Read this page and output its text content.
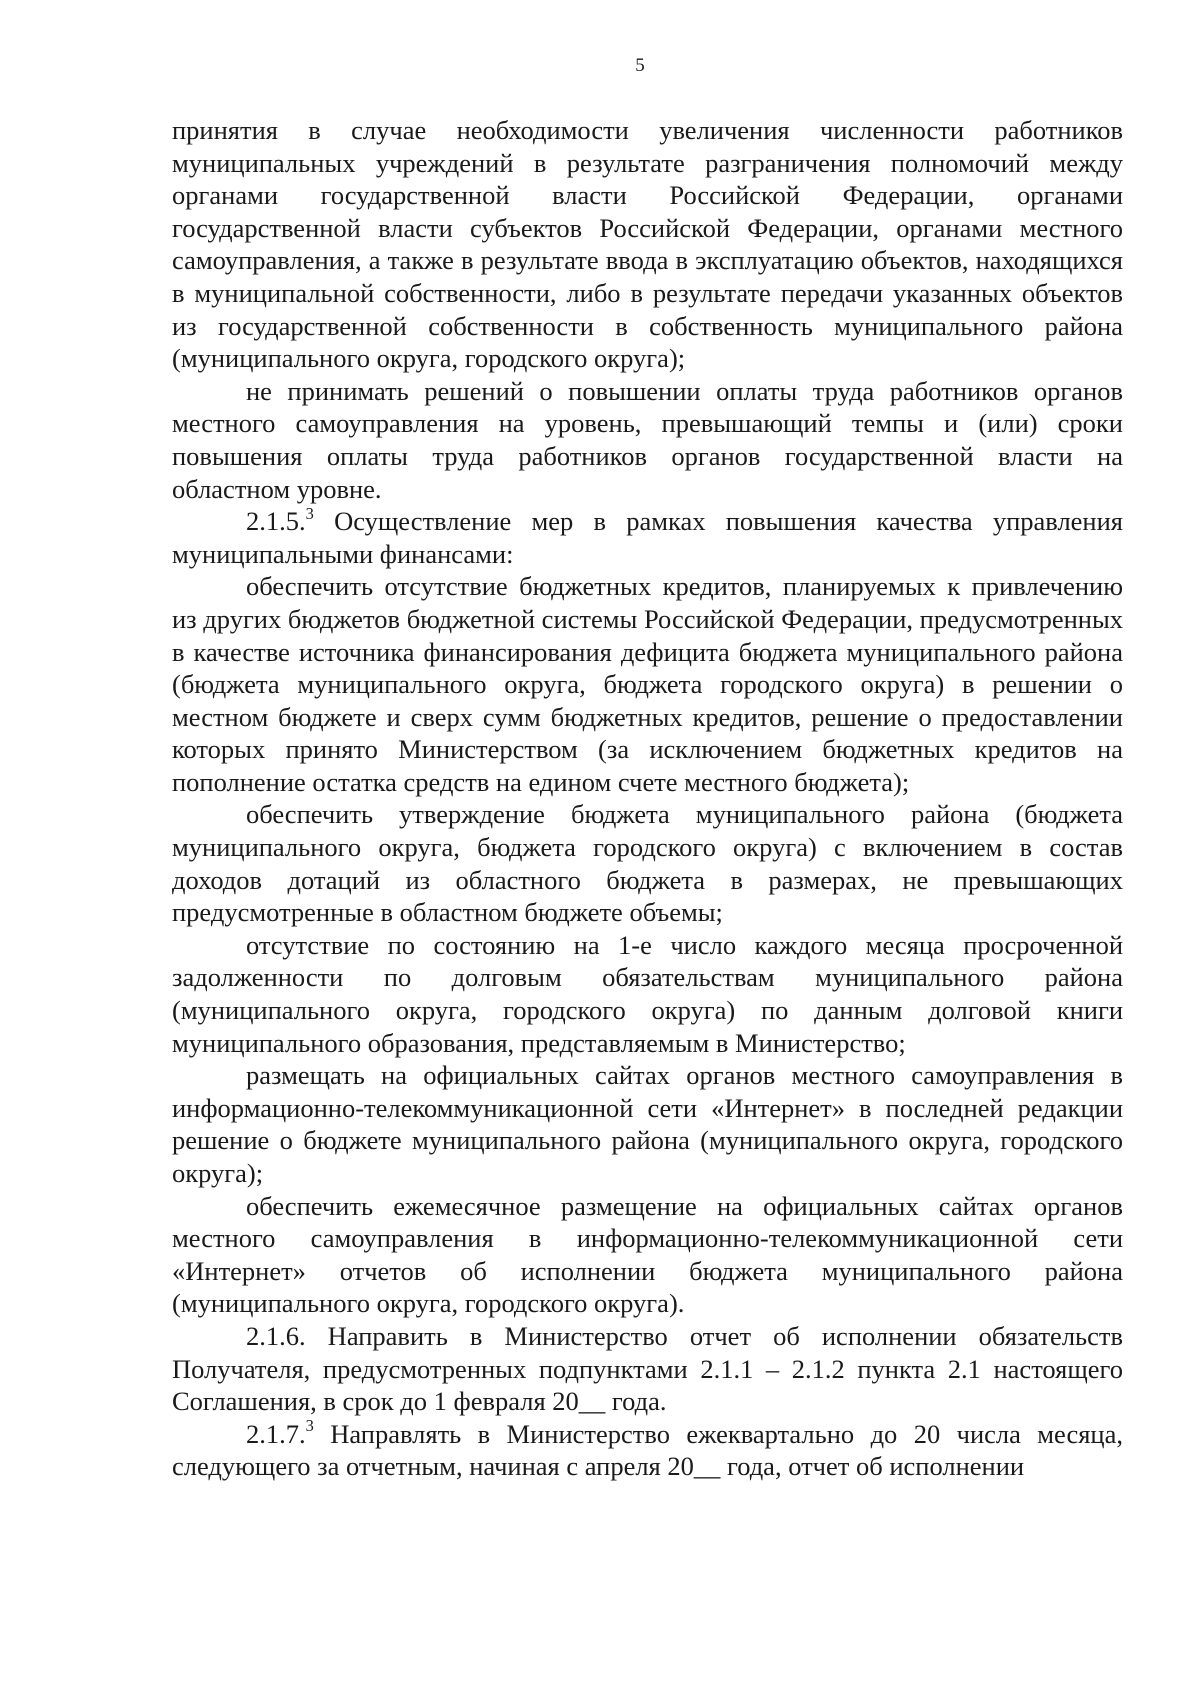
5

принятия в случае необходимости увеличения численности работников муниципальных учреждений в результате разграничения полномочий между органами государственной власти Российской Федерации, органами государственной власти субъектов Российской Федерации, органами местного самоуправления, а также в результате ввода в эксплуатацию объектов, находящихся в муниципальной собственности, либо в результате передачи указанных объектов из государственной собственности в собственность муниципального района (муниципального округа, городского округа);

не принимать решений о повышении оплаты труда работников органов местного самоуправления на уровень, превышающий темпы и (или) сроки повышения оплаты труда работников органов государственной власти на областном уровне.

2.1.5.$^3$ Осуществление мер в рамках повышения качества управления муниципальными финансами:

обеспечить отсутствие бюджетных кредитов, планируемых к привлечению из других бюджетов бюджетной системы Российской Федерации, предусмотренных в качестве источника финансирования дефицита бюджета муниципального района (бюджета муниципального округа, бюджета городского округа) в решении о местном бюджете и сверх сумм бюджетных кредитов, решение о предоставлении которых принято Министерством (за исключением бюджетных кредитов на пополнение остатка средств на едином счете местного бюджета);

обеспечить утверждение бюджета муниципального района (бюджета муниципального округа, бюджета городского округа) с включением в состав доходов дотаций из областного бюджета в размерах, не превышающих предусмотренные в областном бюджете объемы;

отсутствие по состоянию на 1-е число каждого месяца просроченной задолженности по долговым обязательствам муниципального района (муниципального округа, городского округа) по данным долговой книги муниципального образования, представляемым в Министерство;

размещать на официальных сайтах органов местного самоуправления в информационно-телекоммуникационной сети «Интернет» в последней редакции решение о бюджете муниципального района (муниципального округа, городского округа);

обеспечить ежемесячное размещение на официальных сайтах органов местного самоуправления в информационно-телекоммуникационной сети «Интернет» отчетов об исполнении бюджета муниципального района (муниципального округа, городского округа).

2.1.6. Направить в Министерство отчет об исполнении обязательств Получателя, предусмотренных подпунктами 2.1.1 – 2.1.2 пункта 2.1 настоящего Соглашения, в срок до 1 февраля 20__ года.

2.1.7.$^3$ Направлять в Министерство ежеквартально до 20 числа месяца, следующего за отчетным, начиная с апреля 20__ года, отчет об исполнении
